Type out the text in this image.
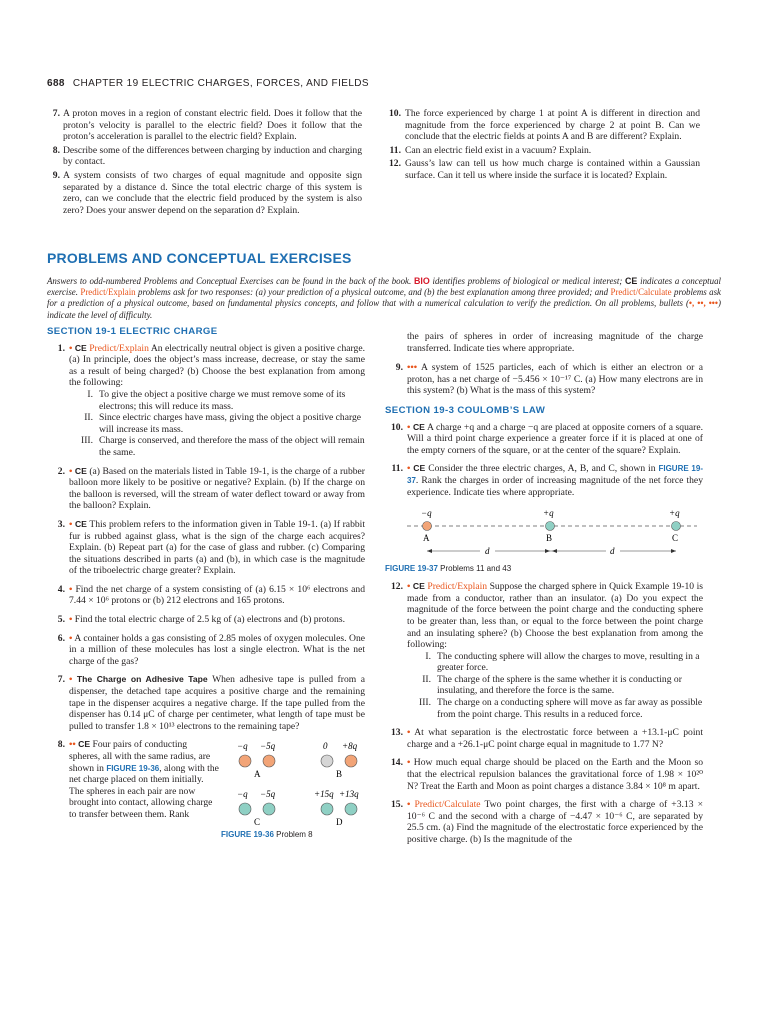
688 CHAPTER 19 ELECTRIC CHARGES, FORCES, AND FIELDS
7. A proton moves in a region of constant electric field. Does it follow that the proton’s velocity is parallel to the electric field? Does it follow that the proton’s acceleration is parallel to the electric field? Explain.
8. Describe some of the differences between charging by induction and charging by contact.
9. A system consists of two charges of equal magnitude and opposite sign separated by a distance d. Since the total electric charge of this system is zero, can we conclude that the electric field produced by the system is also zero? Does your answer depend on the separation d? Explain.
10. The force experienced by charge 1 at point A is different in direction and magnitude from the force experienced by charge 2 at point B. Can we conclude that the electric fields at points A and B are different? Explain.
11. Can an electric field exist in a vacuum? Explain.
12. Gauss’s law can tell us how much charge is contained within a Gaussian surface. Can it tell us where inside the surface it is located? Explain.
PROBLEMS AND CONCEPTUAL EXERCISES
Answers to odd-numbered Problems and Conceptual Exercises can be found in the back of the book. BIO identifies problems of biological or medical interest; CE indicates a conceptual exercise. Predict/Explain problems ask for two responses: (a) your prediction of a physical outcome, and (b) the best explanation among three provided; and Predict/Calculate problems ask for a prediction of a physical outcome, based on fundamental physics concepts, and follow that with a numerical calculation to verify the prediction. On all problems, bullets (•, ••, •••) indicate the level of difficulty.
SECTION 19-1 ELECTRIC CHARGE
1. • CE Predict/Explain An electrically neutral object is given a positive charge. (a) In principle, does the object’s mass increase, decrease, or stay the same as a result of being charged? (b) Choose the best explanation from among the following:
I. To give the object a positive charge we must remove some of its electrons; this will reduce its mass.
II. Since electric charges have mass, giving the object a positive charge will increase its mass.
III. Charge is conserved, and therefore the mass of the object will remain the same.
2. • CE (a) Based on the materials listed in Table 19-1, is the charge of a rubber balloon more likely to be positive or negative? Explain. (b) If the charge on the balloon is reversed, will the stream of water deflect toward or away from the balloon? Explain.
3. • CE This problem refers to the information given in Table 19-1. (a) If rabbit fur is rubbed against glass, what is the sign of the charge each acquires? Explain. (b) Repeat part (a) for the case of glass and rubber. (c) Comparing the situations described in parts (a) and (b), in which case is the magnitude of the triboelectric charge greater? Explain.
4. • Find the net charge of a system consisting of (a) 6.15 × 10⁶ electrons and 7.44 × 10⁶ protons or (b) 212 electrons and 165 protons.
5. • Find the total electric charge of 2.5 kg of (a) electrons and (b) protons.
6. • A container holds a gas consisting of 2.85 moles of oxygen molecules. One in a million of these molecules has lost a single electron. What is the net charge of the gas?
7. • The Charge on Adhesive Tape When adhesive tape is pulled from a dispenser, the detached tape acquires a positive charge and the remaining tape in the dispenser acquires a negative charge. If the tape pulled from the dispenser has 0.14 μC of charge per centimeter, what length of tape must be pulled to transfer 1.8 × 10¹³ electrons to the remaining tape?
8. •• CE Four pairs of conducting spheres, all with the same radius, are shown in FIGURE 19-36, along with the net charge placed on them initially. The spheres in each pair are now brought into contact, allowing charge to transfer between them. Rank
−q −5q
A
0 +8q
B
−q −5q
C
+15q +13q
D
FIGURE 19-36 Problem 8
the pairs of spheres in order of increasing magnitude of the charge transferred. Indicate ties where appropriate.
9. ••• A system of 1525 particles, each of which is either an electron or a proton, has a net charge of −5.456 × 10⁻¹⁷ C. (a) How many electrons are in this system? (b) What is the mass of this system?
SECTION 19-3 COULOMB’S LAW
10. • CE A charge +q and a charge −q are placed at opposite corners of a square. Will a third point charge experience a greater force if it is placed at one of the empty corners of the square, or at the center of the square? Explain.
11. • CE Consider the three electric charges, A, B, and C, shown in FIGURE 19-37. Rank the charges in order of increasing magnitude of the net force they experience. Indicate ties where appropriate.
−q	+q	+q
A	B	C
d	d
FIGURE 19-37 Problems 11 and 43
12. • CE Predict/Explain Suppose the charged sphere in Quick Example 19-10 is made from a conductor, rather than an insulator. (a) Do you expect the magnitude of the force between the point charge and the conducting sphere to be greater than, less than, or equal to the force between the point charge and an insulating sphere? (b) Choose the best explanation from among the following:
I. The conducting sphere will allow the charges to move, resulting in a greater force.
II. The charge of the sphere is the same whether it is conducting or insulating, and therefore the force is the same.
III. The charge on a conducting sphere will move as far away as possible from the point charge. This results in a reduced force.
13. • At what separation is the electrostatic force between a +13.1-μC point charge and a +26.1-μC point charge equal in magnitude to 1.77 N?
14. • How much equal charge should be placed on the Earth and the Moon so that the electrical repulsion balances the gravitational force of 1.98 × 10²⁰ N? Treat the Earth and Moon as point charges a distance 3.84 × 10⁸ m apart.
15. • Predict/Calculate Two point charges, the first with a charge of +3.13 × 10⁻⁶ C and the second with a charge of −4.47 × 10⁻⁶ C, are separated by 25.5 cm. (a) Find the magnitude of the electrostatic force experienced by the positive charge. (b) Is the magnitude of the
